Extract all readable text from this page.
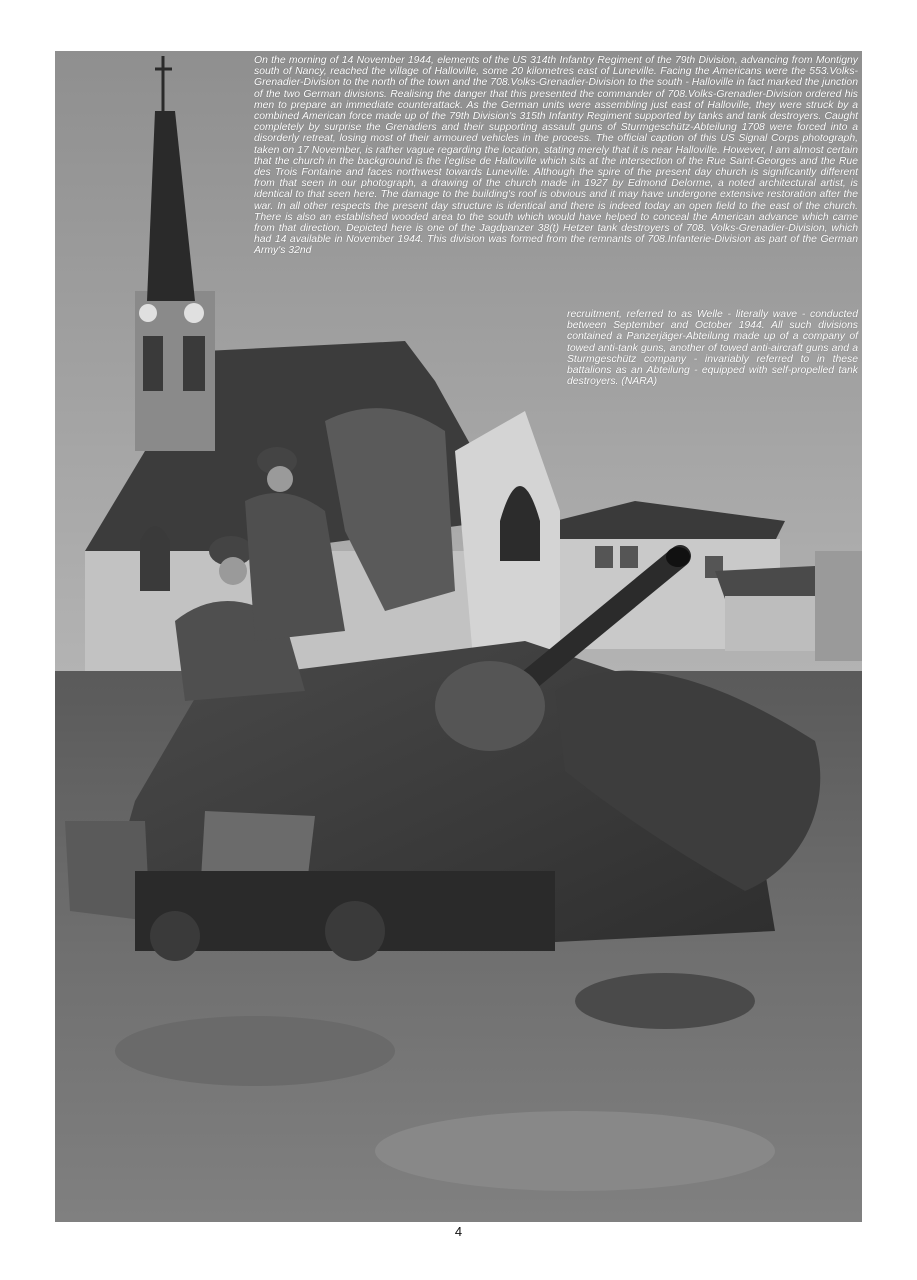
On the morning of 14 November 1944, elements of the US 314th Infantry Regiment of the 79th Division, advancing from Montigny south of Nancy, reached the village of Halloville, some 20 kilometres east of Luneville. Facing the Americans were the 553.Volks-Grenadier-Division to the north of the town and the 708.Volks-Grenadier-Division to the south - Halloville in fact marked the junction of the two German divisions. Realising the danger that this presented the commander of 708.Volks-Grenadier-Division ordered his men to prepare an immediate counterattack. As the German units were assembling just east of Halloville, they were struck by a combined American force made up of the 79th Division's 315th Infantry Regiment supported by tanks and tank destroyers. Caught completely by surprise the Grenadiers and their supporting assault guns of Sturmgeschütz-Abteilung 1708 were forced into a disorderly retreat, losing most of their armoured vehicles in the process. The official caption of this US Signal Corps photograph, taken on 17 November, is rather vague regarding the location, stating merely that it is near Halloville. However, I am almost certain that the church in the background is the l'eglise de Halloville which sits at the intersection of the Rue Saint-Georges and the Rue des Trois Fontaine and faces northwest towards Luneville. Although the spire of the present day church is significantly different from that seen in our photograph, a drawing of the church made in 1927 by Edmond Delorme, a noted architectural artist, is identical to that seen here. The damage to the building's roof is obvious and it may have undergone extensive restoration after the war. In all other respects the present day structure is identical and there is indeed today an open field to the east of the church. There is also an established wooded area to the south which would have helped to conceal the American advance which came from that direction. Depicted here is one of the Jagdpanzer 38(t) Hetzer tank destroyers of 708. Volks-Grenadier-Division, which had 14 available in November 1944. This division was formed from the remnants of 708.Infanterie-Division as part of the German Army's 32nd

recruitment, referred to as Welle - literally wave - conducted between September and October 1944. All such divisions contained a Panzerjäger-Abteilung made up of a company of towed anti-tank guns, another of towed anti-aircraft guns and a Sturmgeschütz company - invariably referred to in these battalions as an Abteilung - equipped with self-propelled tank destroyers. (NARA)

4
